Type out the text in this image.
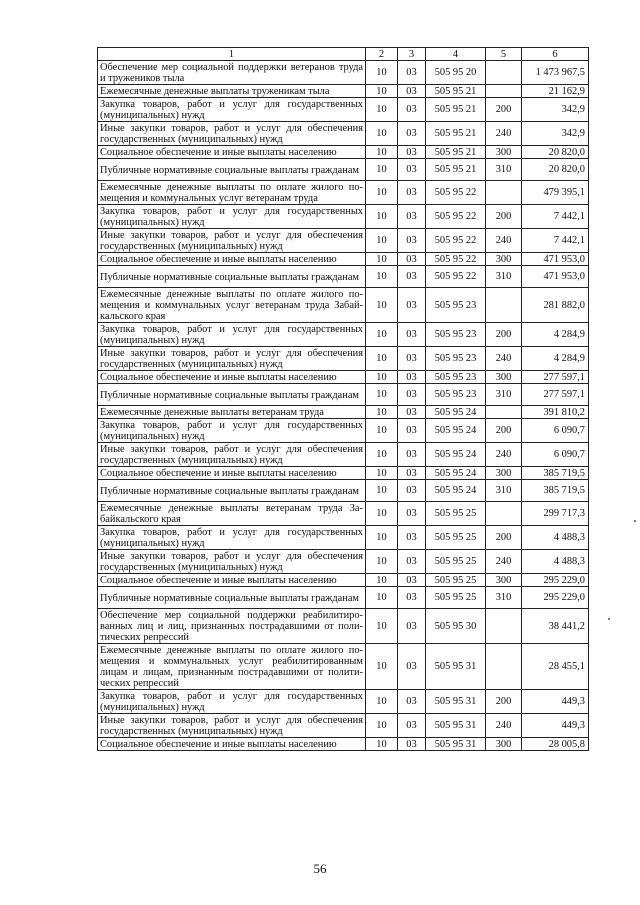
1	2	3	4	5	6
Обеспечение мер социальной поддержки ветеранов труда и тружеников тыла	10	03	505 95 20		1 473 967,5
Ежемесячные денежные выплаты труженикам тыла	10	03	505 95 21		21 162,9
Закупка товаров, работ и услуг для государственных (муниципальных) нужд	10	03	505 95 21	200	342,9
Иные закупки товаров, работ и услуг для обеспечения государственных (муниципальных) нужд	10	03	505 95 21	240	342,9
Социальное обеспечение и иные выплаты населению	10	03	505 95 21	300	20 820,0
Публичные нормативные социальные выплаты граждaнам	10	03	505 95 21	310	20 820,0
Ежемесячные денежные выплаты по оплате жилого помещения и коммунальных услуг ветеранам труда	10	03	505 95 22		479 395,1
Закупка товаров, работ и услуг для государственных (муниципальных) нужд	10	03	505 95 22	200	7 442,1
Иные закупки товаров, работ и услуг для обеспечения государственных (муниципальных) нужд	10	03	505 95 22	240	7 442,1
Социальное обеспечение и иные выплаты населению	10	03	505 95 22	300	471 953,0
Публичные нормативные социальные выплаты граждaнам	10	03	505 95 22	310	471 953,0
Ежемесячные денежные выплаты по оплате жилого помещения и коммунальных услуг ветеранам труда Забайкальского края	10	03	505 95 23		281 882,0
Закупка товаров, работ и услуг для государственных (муниципальных) нужд	10	03	505 95 23	200	4 284,9
Иные закупки товаров, работ и услуг для обеспечения государственных (муниципальных) нужд	10	03	505 95 23	240	4 284,9
Социальное обеспечение и иные выплаты населению	10	03	505 95 23	300	277 597,1
Публичные нормативные социальные выплаты граждaнам	10	03	505 95 23	310	277 597,1
Ежемесячные денежные выплаты ветеранам труда	10	03	505 95 24		391 810,2
Закупка товаров, работ и услуг для государственных (муниципальных) нужд	10	03	505 95 24	200	6 090,7
Иные закупки товаров, работ и услуг для обеспечения государственных (муниципальных) нужд	10	03	505 95 24	240	6 090,7
Социальное обеспечение и иные выплаты населению	10	03	505 95 24	300	385 719,5
Публичные нормативные социальные выплаты граждaнам	10	03	505 95 24	310	385 719,5
Ежемесячные денежные выплаты ветеранам труда Забайкальского края	10	03	505 95 25		299 717,3
Закупка товаров, работ и услуг для государственных (муниципальных) нужд	10	03	505 95 25	200	4 488,3
Иные закупки товаров, работ и услуг для обеспечения государственных (муниципальных) нужд	10	03	505 95 25	240	4 488,3
Социальное обеспечение и иные выплаты населению	10	03	505 95 25	300	295 229,0
Публичные нормативные социальные выплаты граждaнам	10	03	505 95 25	310	295 229,0
Обеспечение мер социальной поддержки реабилитированных лиц и лиц, признанных пострадавшими от политических репрессий	10	03	505 95 30		38 441,2
Ежемесячные денежные выплаты по оплате жилого помещения и коммунальных услуг реабилитированным лицам и лицам, признанным пострадавшими от политических репрессий	10	03	505 95 31		28 455,1
Закупка товаров, работ и услуг для государственных (муниципальных) нужд	10	03	505 95 31	200	449,3
Иные закупки товаров, работ и услуг для обеспечения государственных (муниципальных) нужд	10	03	505 95 31	240	449,3
Социальное обеспечение и иные выплаты населению	10	03	505 95 31	300	28 005,8
56
